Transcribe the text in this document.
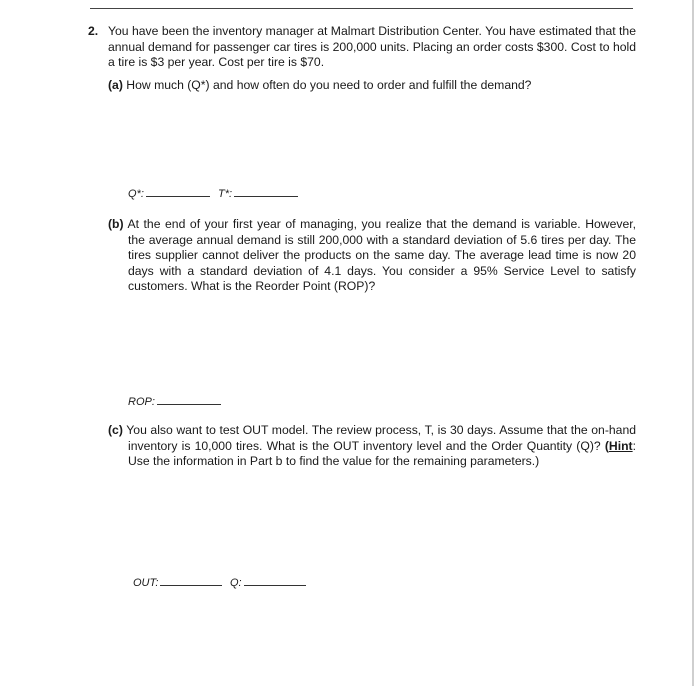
2. You have been the inventory manager at Malmart Distribution Center. You have estimated that the annual demand for passenger car tires is 200,000 units. Placing an order costs $300. Cost to hold a tire is $3 per year. Cost per tire is $70.
(a) How much (Q*) and how often do you need to order and fulfill the demand?
Q*:	T*:
(b) At the end of your first year of managing, you realize that the demand is variable. However, the average annual demand is still 200,000 with a standard deviation of 5.6 tires per day. The tires supplier cannot deliver the products on the same day. The average lead time is now 20 days with a standard deviation of 4.1 days. You consider a 95% Service Level to satisfy customers. What is the Reorder Point (ROP)?
ROP:
(c) You also want to test OUT model. The review process, T, is 30 days. Assume that the on-hand inventory is 10,000 tires. What is the OUT inventory level and the Order Quantity (Q)? (Hint: Use the information in Part b to find the value for the remaining parameters.)
OUT:	Q:
